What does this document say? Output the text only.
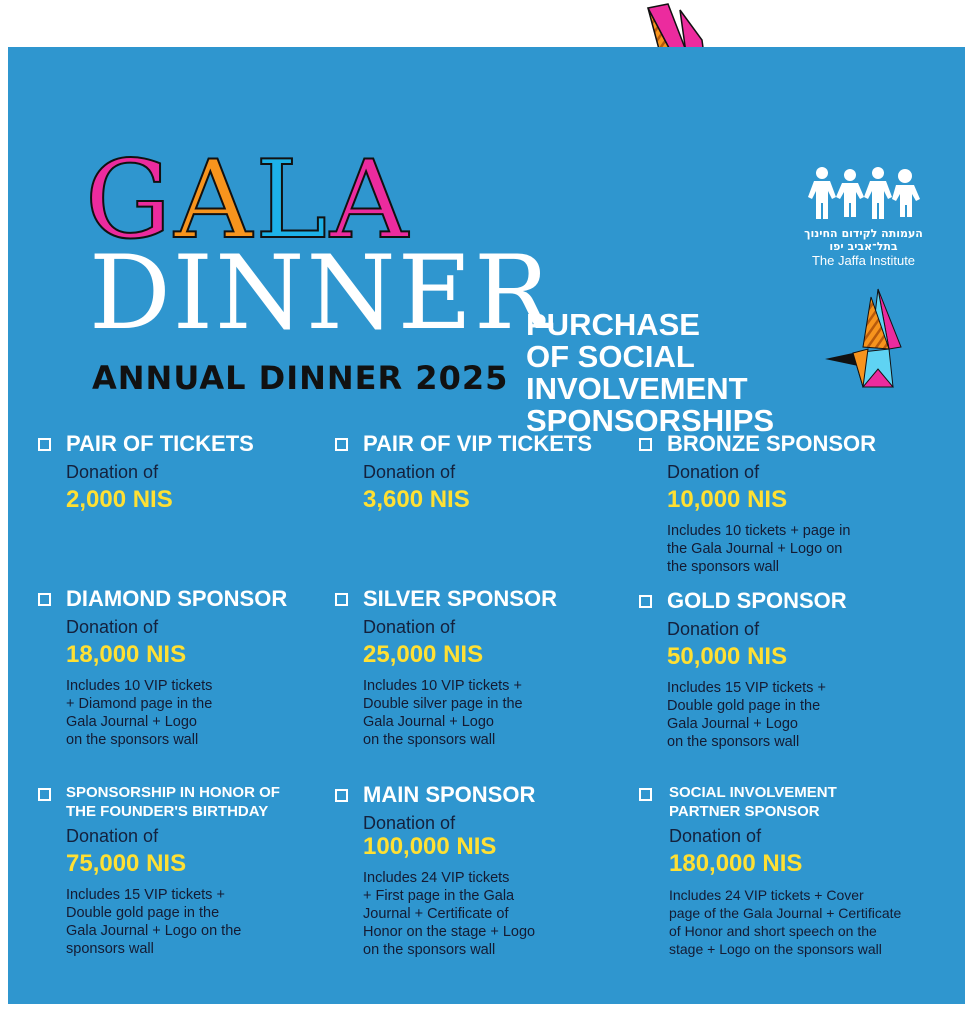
GALA
DINNER
ANNUAL DINNER 2025
PURCHASE
OF SOCIAL
INVOLVEMENT
SPONSORSHIPS
העמותה לקידום החינוך
בתל־אביב יפו
The Jaffa Institute
PAIR OF TICKETS
Donation of
2,000 NIS
PAIR OF VIP TICKETS
Donation of
3,600 NIS
BRONZE SPONSOR
Donation of
10,000 NIS
Includes 10 tickets + page in
the Gala Journal + Logo on
the sponsors wall
DIAMOND SPONSOR
Donation of
18,000 NIS
Includes 10 VIP tickets
+ Diamond page in the
Gala Journal + Logo
on the sponsors wall
SILVER SPONSOR
Donation of
25,000 NIS
Includes 10 VIP tickets +
Double silver page in the
Gala Journal + Logo
on the sponsors wall
GOLD SPONSOR
Donation of
50,000 NIS
Includes 15 VIP tickets +
Double gold page in the
Gala Journal + Logo
on the sponsors wall
SPONSORSHIP IN HONOR OF
THE FOUNDER'S BIRTHDAY
Donation of
75,000 NIS
Includes 15 VIP tickets +
Double gold page in the
Gala Journal + Logo on the
sponsors wall
MAIN SPONSOR
Donation of
100,000 NIS
Includes 24 VIP tickets
+ First page in the Gala
Journal + Certificate of
Honor on the stage + Logo
on the sponsors wall
SOCIAL INVOLVEMENT
PARTNER SPONSOR
Donation of
180,000 NIS
Includes 24 VIP tickets + Cover
page of the Gala Journal + Certificate
of Honor and short speech on the
stage + Logo on the sponsors wall
